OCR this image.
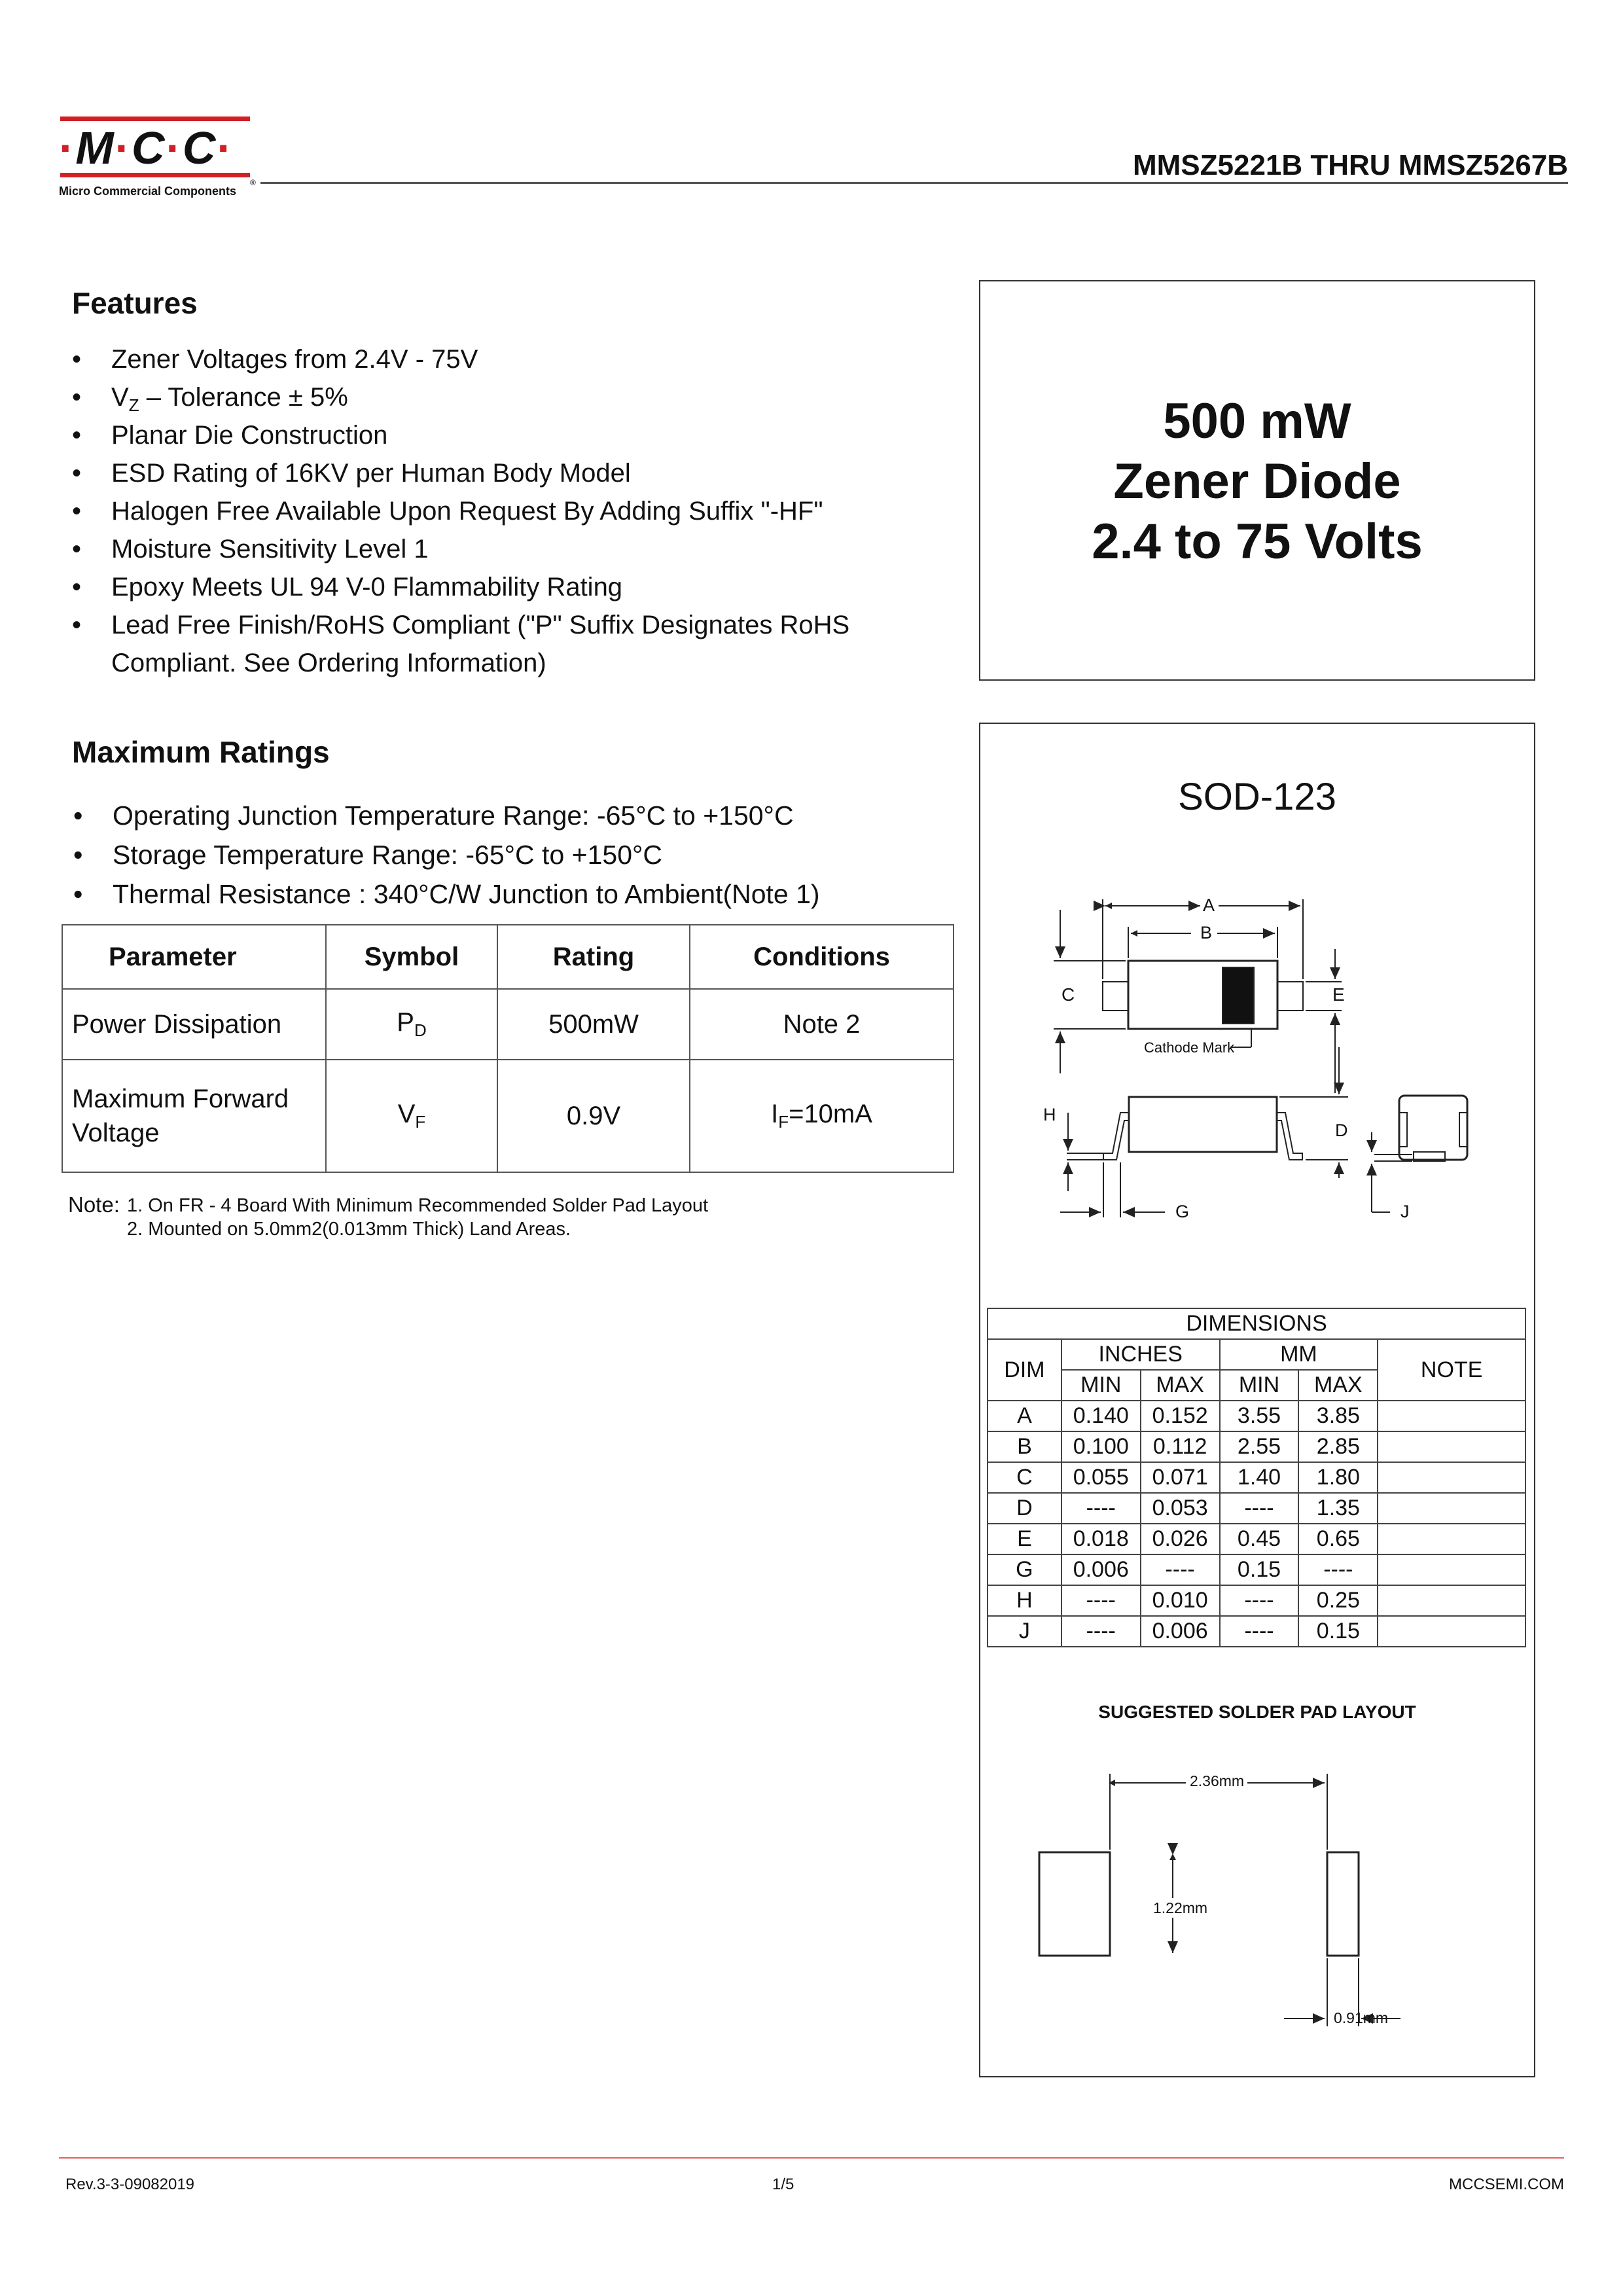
·M·C·C·
Micro Commercial Components
®
MMSZ5221B THRU MMSZ5267B
Features
• Zener Voltages from 2.4V - 75V
• $V_Z$ – Tolerance ± 5%
• Planar Die Construction
• ESD Rating of 16KV per Human Body Model
• Halogen Free Available Upon Request By Adding Suffix "-HF"
• Moisture Sensitivity Level 1
• Epoxy Meets UL 94 V-0 Flammability Rating
• Lead Free Finish/RoHS Compliant ("P" Suffix Designates RoHS
Compliant. See Ordering Information)
500 mW
Zener Diode
2.4 to 75 Volts
Maximum Ratings
• Operating Junction Temperature Range: -65°C to +150°C
• Storage Temperature Range: -65°C to +150°C
• Thermal Resistance : 340°C/W Junction to Ambient(Note 1)
Parameter	Symbol	Rating	Conditions
Power Dissipation	$P_D$	500mW	Note 2
Maximum Forward
Voltage	$V_F$	0.9V	$I_F=10mA$
Note: 1. On FR - 4 Board With Minimum Recommended Solder Pad Layout
2. Mounted on 5.0mm2(0.013mm Thick) Land Areas.
SOD-123
A
B
C	E
Cathode Mark
H
D
G	J
DIMENSIONS					
DIM	INCHES		MM		NOTE
	MIN	MAX	MIN	MAX	
A	0.140	0.152	3.55	3.85	
B	0.100	0.112	2.55	2.85	
C	0.055	0.071	1.40	1.80	
D	----	0.053	----	1.35	
E	0.018	0.026	0.45	0.65	
G	0.006	----	0.15	----	
H	----	0.010	----	0.25	
J	----	0.006	----	0.15	
SUGGESTED SOLDER PAD LAYOUT
2.36mm
1.22mm
0.91mm
Rev.3-3-09082019	1/5	MCCSEMI.COM
